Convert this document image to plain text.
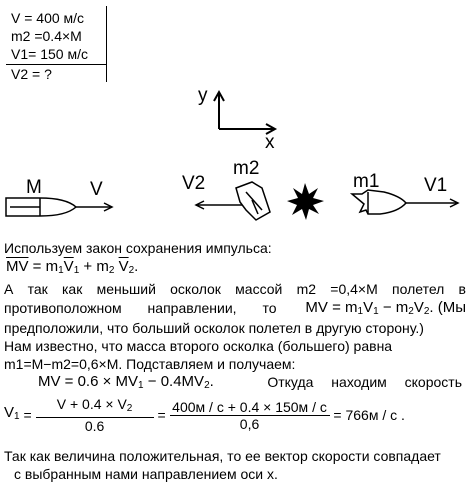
V = 400 м/с
m2 =0.4×M
V1= 150 м/с
V2 = ?
y
x
M	V	V2
m2
m1 V1
Используем закон сохранения импульса:
$\overline{MV} = m_1\overline{V}_1 + m_2$ $\overline{V}_2$.
А так как меньший осколок массой m2 =0,4×M полетел в
противоположном направлении, то MV = $m_1V_1 - m_2V_2$. (Мы
предположили, что больший осколок полетел в другую сторону.)
Нам известно, что масса второго осколка (большего) равна
m1=M−m2=0,6×M. Подставляем и получаем:
MV = $0.6 \times MV_1 - 0.4MV_2$.	Откуда находим скорость
$V_1 = \frac{V + 0.4 \times V_2}{0.6} = \frac{400м / с + 0.4 \times 150м / с}{0,6} = 766м / с$ .
Так как величина положительная, то ее вектор скорости совпадает
с выбранным нами направлением оси x.
